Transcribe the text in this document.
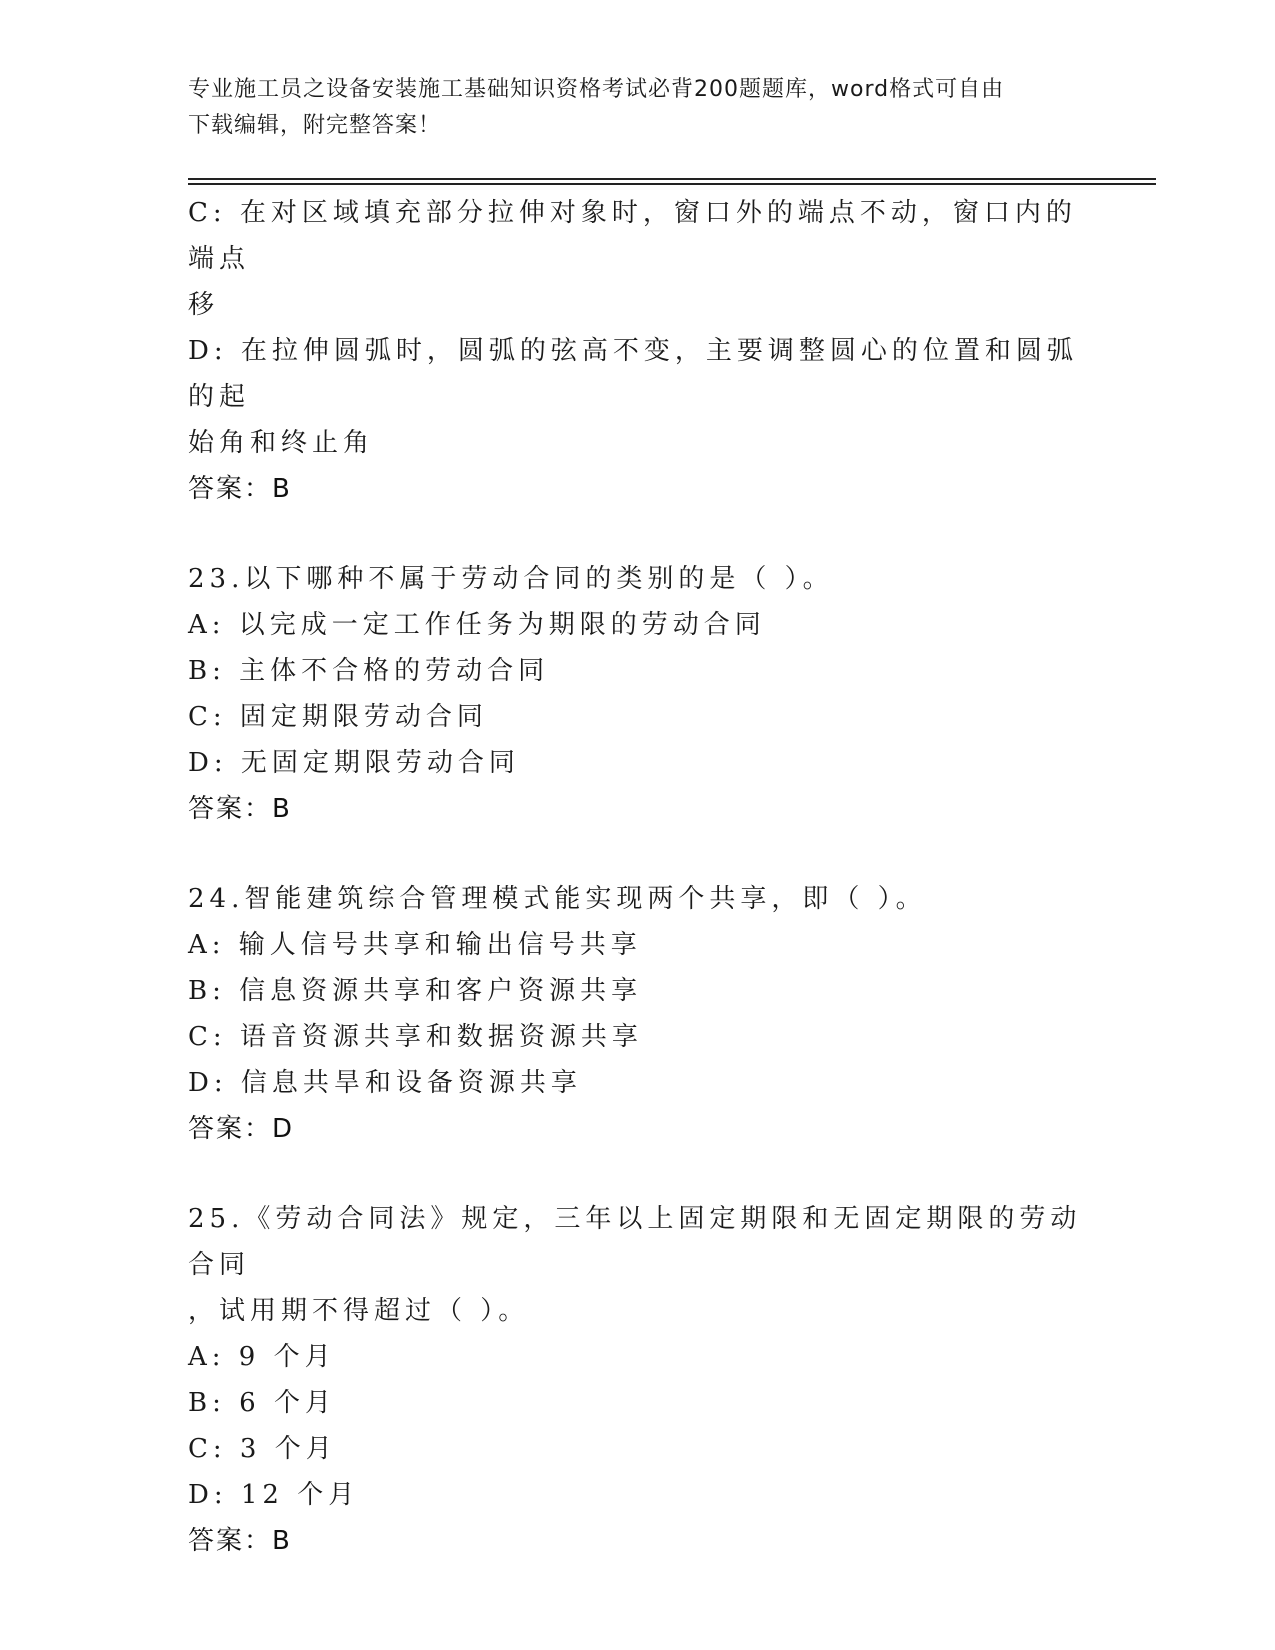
专业施工员之设备安装施工基础知识资格考试必背200题题库，word格式可自由
下载编辑，附完整答案！
C: 在对区域填充部分拉伸对象时，窗口外的端点不动，窗口内的端点
移
D: 在拉伸圆弧时，圆弧的弦高不变，主要调整圆心的位置和圆弧的起
始角和终止角
答案：B
23.以下哪种不属于劳动合同的类别的是（ ）。
A: 以完成一定工作任务为期限的劳动合同
B: 主体不合格的劳动合同
C: 固定期限劳动合同
D: 无固定期限劳动合同
答案：B
24.智能建筑综合管理模式能实现两个共享，即（ ）。
A: 输人信号共享和输出信号共享
B: 信息资源共享和客户资源共享
C: 语音资源共享和数据资源共享
D: 信息共旱和设备资源共享
答案：D
25.《劳动合同法》规定，三年以上固定期限和无固定期限的劳动合同
，试用期不得超过（ ）。
A: 9 个月
B: 6 个月
C: 3 个月
D: 12 个月
答案：B
